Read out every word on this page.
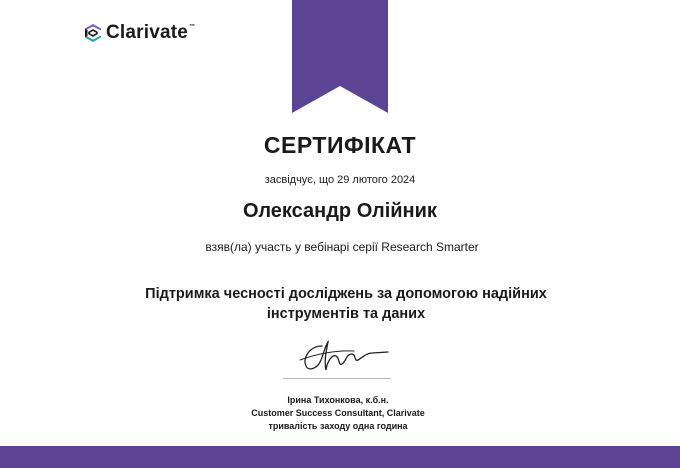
Clarivate ™
СЕРТИФІКАТ
засвідчує, що 29 лютого 2024
Олександр Олійник
взяв(ла) участь у вебінарі серії Research Smarter
Підтримка чесності досліджень за допомогою надійних
інструментів та даних
Ірина Тихонкова, к.б.н.
Customer Success Consultant, Clarivate
тривалість заходу одна година
